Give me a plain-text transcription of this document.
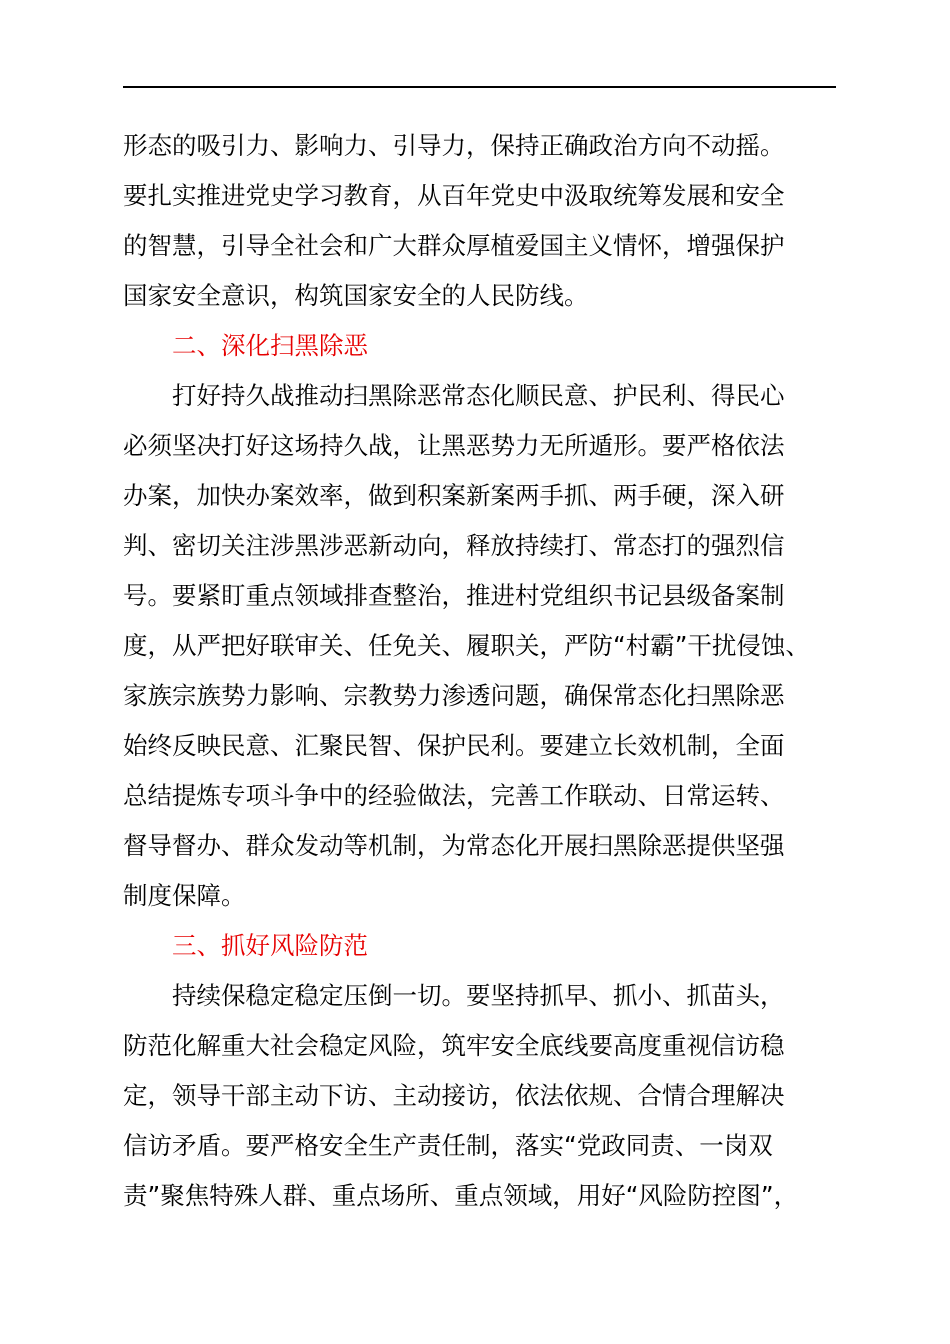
形态的吸引力、影响力、引导力，保持正确政治方向不动摇。
要扎实推进党史学习教育，从百年党史中汲取统筹发展和安全
的智慧，引导全社会和广大群众厚植爱国主义情怀，增强保护
国家安全意识，构筑国家安全的人民防线。
二、深化扫黑除恶
打好持久战推动扫黑除恶常态化顺民意、护民利、得民心
必须坚决打好这场持久战，让黑恶势力无所遁形。要严格依法
办案，加快办案效率，做到积案新案两手抓、两手硬，深入研
判、密切关注涉黑涉恶新动向，释放持续打、常态打的强烈信
号。要紧盯重点领域排查整治，推进村党组织书记县级备案制
度，从严把好联审关、任免关、履职关，严防“村霸”干扰侵蚀、
家族宗族势力影响、宗教势力渗透问题，确保常态化扫黑除恶
始终反映民意、汇聚民智、保护民利。要建立长效机制，全面
总结提炼专项斗争中的经验做法，完善工作联动、日常运转、
督导督办、群众发动等机制，为常态化开展扫黑除恶提供坚强
制度保障。
三、抓好风险防范
持续保稳定稳定压倒一切。要坚持抓早、抓小、抓苗头，
防范化解重大社会稳定风险，筑牢安全底线要高度重视信访稳
定，领导干部主动下访、主动接访，依法依规、合情合理解决
信访矛盾。要严格安全生产责任制，落实“党政同责、一岗双
责”聚焦特殊人群、重点场所、重点领域，用好“风险防控图”，
